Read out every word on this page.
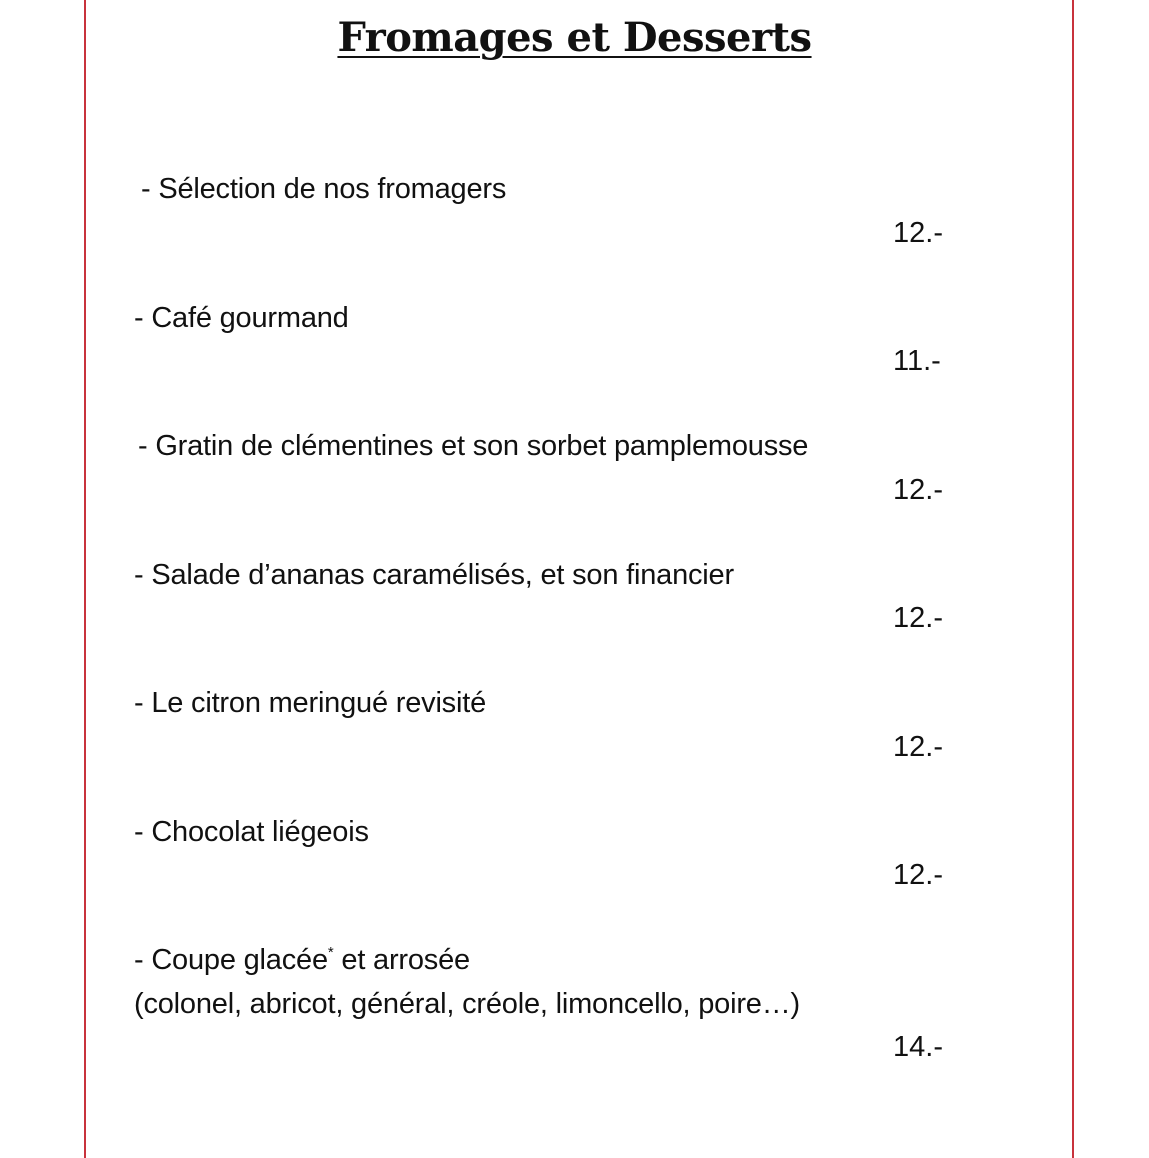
Fromages et Desserts
- Sélection de nos fromagers
12.-
- Café gourmand
11.-
- Gratin de clémentines et son sorbet pamplemousse
12.-
- Salade d’ananas caramélisés, et son financier
12.-
- Le citron meringué revisité
12.-
- Chocolat liégeois
12.-
- Coupe glacée* et arrosée
(colonel, abricot, général, créole, limoncello, poire…)
14.-
